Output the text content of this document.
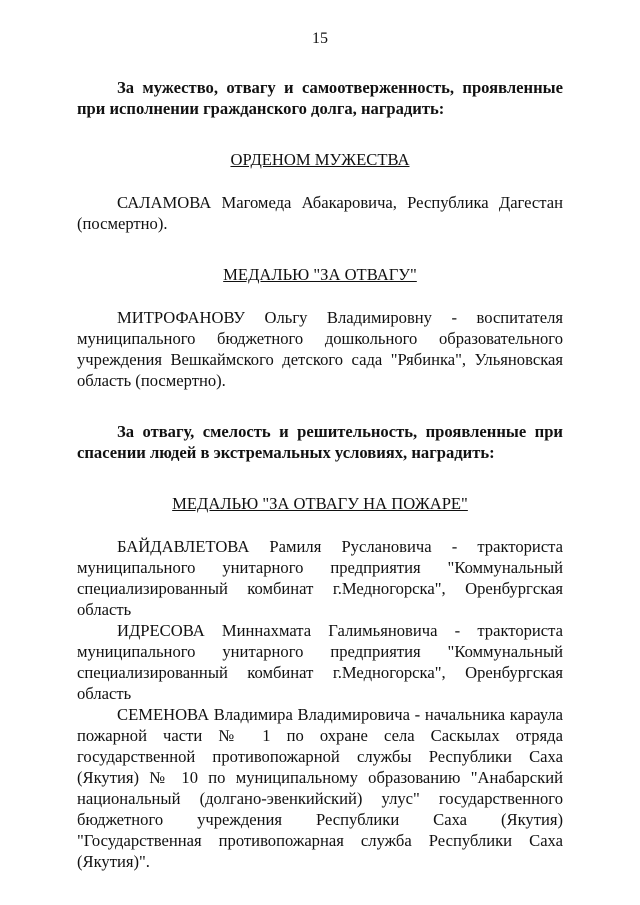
15

За мужество, отвагу и самоотверженность, проявленные при исполнении гражданского долга, наградить:

ОРДЕНОМ МУЖЕСТВА

САЛАМОВА Магомеда Абакаровича, Республика Дагестан (посмертно).

МЕДАЛЬЮ "ЗА ОТВАГУ"

МИТРОФАНОВУ Ольгу Владимировну - воспитателя муниципального бюджетного дошкольного образовательного учреждения Вешкаймского детского сада "Рябинка", Ульяновская область (посмертно).

За отвагу, смелость и решительность, проявленные при спасении людей в экстремальных условиях, наградить:

МЕДАЛЬЮ "ЗА ОТВАГУ НА ПОЖАРЕ"

БАЙДАВЛЕТОВА Рамиля Руслановича - тракториста муниципального унитарного предприятия "Коммунальный специализированный комбинат г.Медногорска", Оренбургская область

ИДРЕСОВА Миннахмата Галимьяновича - тракториста муниципального унитарного предприятия "Коммунальный специализированный комбинат г.Медногорска", Оренбургская область

СЕМЕНОВА Владимира Владимировича - начальника караула пожарной части № 1 по охране села Саскылах отряда государственной противопожарной службы Республики Саха (Якутия) № 10 по муниципальному образованию "Анабарский национальный (долгано-эвенкийский) улус" государственного бюджетного учреждения Республики Саха (Якутия) "Государственная противопожарная служба Республики Саха (Якутия)".
